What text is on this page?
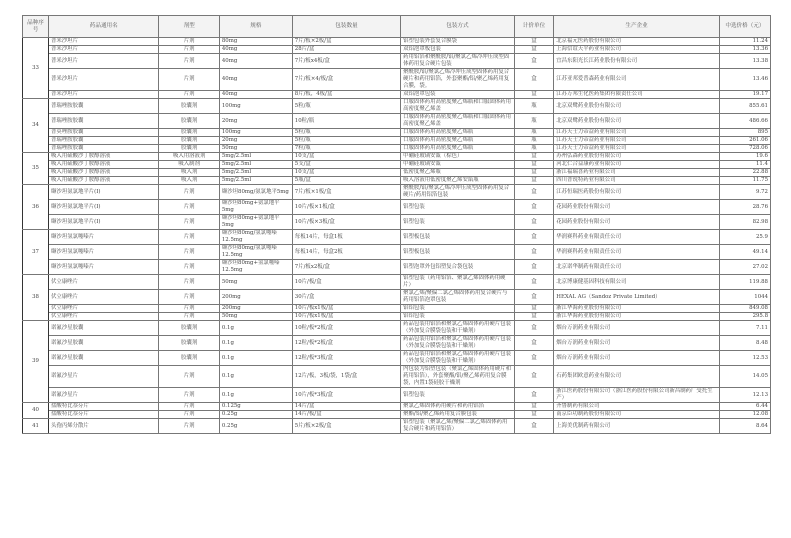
品种序号	药品通用名	剂型	规格	包装数量	包装方式	计价单位	生产企业	中选价格（元）
33	普米沙坦片	片剂	80mg	7片/板×2板/盒	铝塑包装外套复合膜袋	盒	北京福元医药股份有限公司	11.24
	普米沙坦片	片剂	40mg	28片/盒	双铝泡罩板包装	盒	上海信谊天平药业有限公司	13.36
	普米沙坦片	片剂	40mg	7片/板x4板/盒	药用铝箔和聚酰胺/铝/聚氯乙烯冷冲压成型固体药用复合硬片包装	盒	宜昌东阳光长江药业股份有限公司	13.38
	普米沙坦片	片剂	40mg	7片/板×4/板/盒	聚酰胺/铝/聚氯乙烯冷冲压成型固体药用复合硬片和药用铝箔，外套聚酯/铝/聚乙烯药用复合膜，袋。	盒	江苏亚邦爱普森药业有限公司	13.46
	普米沙坦片	片剂	40mg	8片/板，4板/盒	双铝泡罩包装	盒	江苏万邦生化医药集团有限责任公司	19.17
34	普瑞唑胺胶囊	胶囊剂	100mg	5粒/瓶	口服固体药用高密度聚乙烯瓶和口服固体药用高密度聚乙烯盖	瓶	北京双鹭药业股份有限公司	855.61
	普瑞唑胺胶囊	胶囊剂	20mg	10粒/瓶	口服固体药用高密度聚乙烯瓶和口服固体药用高密度聚乙烯盖	瓶	北京双鹭药业股份有限公司	486.66
	普莫唑胺胶囊	胶囊剂	100mg	5粒/瓶	口服固体药用高密度聚乙烯瓶	瓶	江苏天士力帝益药业有限公司	895
	普瑞唑胺胶囊	胶囊剂	20mg	5粒/瓶	口服固体药用高密度聚乙烯瓶	瓶	江苏天士力帝益药业有限公司	261.06
	普瑞唑胺胶囊	胶囊剂	50mg	7粒/瓶	口服固体药用高密度聚乙烯瓶	瓶	江苏天士力帝益药业有限公司	728.06
35	吸入用硫酸沙丁胺醇溶液	吸入用溶液剂	5mg/2.5ml	10支/盒	中硼硅玻璃安瓿（棕色）	盒	苏州弘森药业股份有限公司	19.6
	吸入用硫酸沙丁胺醇溶液	吸入制剂	5mg/2.5ml	5支/盒	中硼硅玻璃安瓿	盒	河北仁合益康药业有限公司	11.4
	吸入用硫酸沙丁胺醇溶液	吸入剂	5mg/2.5ml	10支/盒	低密度聚乙烯瓶	盒	浙江福瑞喜药业有限公司	22.88
	吸入用硫酸沙丁胺醇溶液	吸入剂	5mg/2.5ml	5瓶/盒	吸入溶液用低密度聚乙烯安瓿瓶	盒	四川普锐特药业有限公司	11.75
36	缬沙坦氨氯地平片(Ⅰ)	片剂	缬沙坦80mg/氨氯地平5mg	7片/板×1板/盒	聚酰胺/铝/聚氯乙烯冷冲压成型固体药用复合硬片/药用铝箔包装	盒	江苏恒瑞医药股份有限公司	9.72
	缬沙坦氨氯地平片(Ⅰ)	片剂	缬沙坦80mg+氨氯地平5mg	10片/板×1板/盒	铝塑包装	盒	花园药业股份有限公司	28.76
	缬沙坦氨氯地平片(Ⅰ)	片剂	缬沙坦80mg+氨氯地平5mg	10片/板×3板/盒	铝塑包装	盒	花园药业股份有限公司	82.98
37	缬沙坦氢氯噻嗪片	片剂	缬沙坦80mg/氢氯噻嗪12.5mg	每板14片，每盒1板	铝塑板包装	盒	华润赛科药业有限责任公司	25.9
	缬沙坦氢氯噻嗪片	片剂	缬沙坦80mg/氢氯噻嗪12.5mg	每板14片，每盒2板	铝塑板包装	盒	华润赛科药业有限责任公司	49.14
	缬沙坦氢氯噻嗪片	片剂	缬沙坦80mg+氢氯噻嗪12.5mg	7片/板x2板/盒	铝塑泡罩外包铝塑复合袋包装	盒	北京诺华制药有限责任公司	27.02
38	伏立康唑片	片剂	50mg	10片/板/盒	铝塑包装（药用铝箔、聚氯乙烯固体药用硬片）	盒	北京博康健基因科技有限公司	119.88
	伏立康唑片	片剂	200mg	30片/盒	聚氯乙烯/聚偏二氯乙烯固体药用复合硬片与药用铝箔泡罩包装	盒	HEXAL AG（Sandoz Private Limited）	1044
	伏立康唑片	片剂	200mg	10片/板x1板/盒	铝铝包装	盒	浙江华海药业股份有限公司	849.08
	伏立康唑片	片剂	50mg	10片/板x1板/盒	铝铝包装	盒	浙江华海药业股份有限公司	295.8
39	诺氟沙星胶囊	胶囊剂	0.1g	10粒/板*2板/盒	药品包装用铝箔和聚氯乙烯固体药用硬片包装（外加复合膜袋包装和干燥剂）	盒	烟台万润药业有限公司	7.11
	诺氟沙星胶囊	胶囊剂	0.1g	12粒/板*2板/盒	药品包装用铝箔和聚氯乙烯固体药用硬片包装（外加复合膜袋包装和干燥剂）	盒	烟台万润药业有限公司	8.48
	诺氟沙星胶囊	胶囊剂	0.1g	12粒/板*3板/盒	药品包装用铝箔和聚氯乙烯固体药用硬片包装（外加复合膜袋包装和干燥剂）	盒	烟台万润药业有限公司	12.53
	诺氟沙星片	片剂	0.1g	12片/板，3板/袋，1袋/盒	内包装为铝塑包装（聚氯乙烯固体药用硬片和药用铝箔），外套聚酯/铝/聚乙烯药用复合膜袋，内置1袋硅胶干燥剂	盒	石药集团欧意药业有限公司	14.05
	诺氟沙星片	片剂	0.1g	10片/板*3板/盒	铝塑包装	盒	浙江医药股份有限公司（浙江医药股份有限公司新昌制药厂受托生产）	12.13
40	盐酸特比萘芬片	片剂	0.125g	14片/盒	聚氯乙烯固体药用硬片和药用铝箔	盒	齐鲁制药有限公司	6.44
	盐酸特比萘芬片	片剂	0.25g	14片/板/盒	聚酯/铝/聚乙烯药用复合膜包装	盒	南京臣功制药股份有限公司	12.08
41	头孢丙烯分散片	片剂	0.25g	5片/板×2板/盒	铝塑包装（聚氯乙烯/聚偏二氯乙烯固体药用复合硬片和药用铝箔）	盒	上海美优制药有限公司	8.64
